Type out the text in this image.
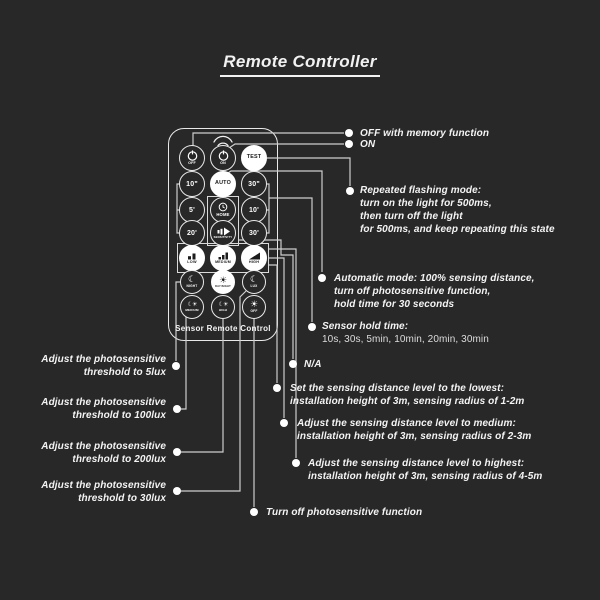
Remote Controller
OFF	ON
TEST
10"	AUTO 30"
5'
HOME
10'
20'
SENSITIVITY
30'
LOW	MEDIUM	HIGH
☾
NIGHT
☀
DAY/NIGHT
☾
LUX
☾☀
MEDIUM
☾☀
HIGH
☀
OFF
Sensor Remote Control
OFF with memory function
ON
Repeated flashing mode:
turn on the light for 500ms,
then turn off the light
for 500ms, and keep repeating this state
Automatic mode: 100% sensing distance,
turn off photosensitive function,
hold time for 30 seconds
Sensor hold time:
10s, 30s, 5min, 10min, 20min, 30min
N/A
Set the sensing distance level to the lowest:
installation height of 3m, sensing radius of 1-2m
Adjust the sensing distance level to medium:
installation height of 3m, sensing radius of 2-3m
Adjust the sensing distance level to highest:
installation height of 3m, sensing radius of 4-5m
Turn off photosensitive function
Adjust the photosensitive
threshold to 5lux
Adjust the photosensitive
threshold to 100lux
Adjust the photosensitive
threshold to 200lux
Adjust the photosensitive
threshold to 30lux
